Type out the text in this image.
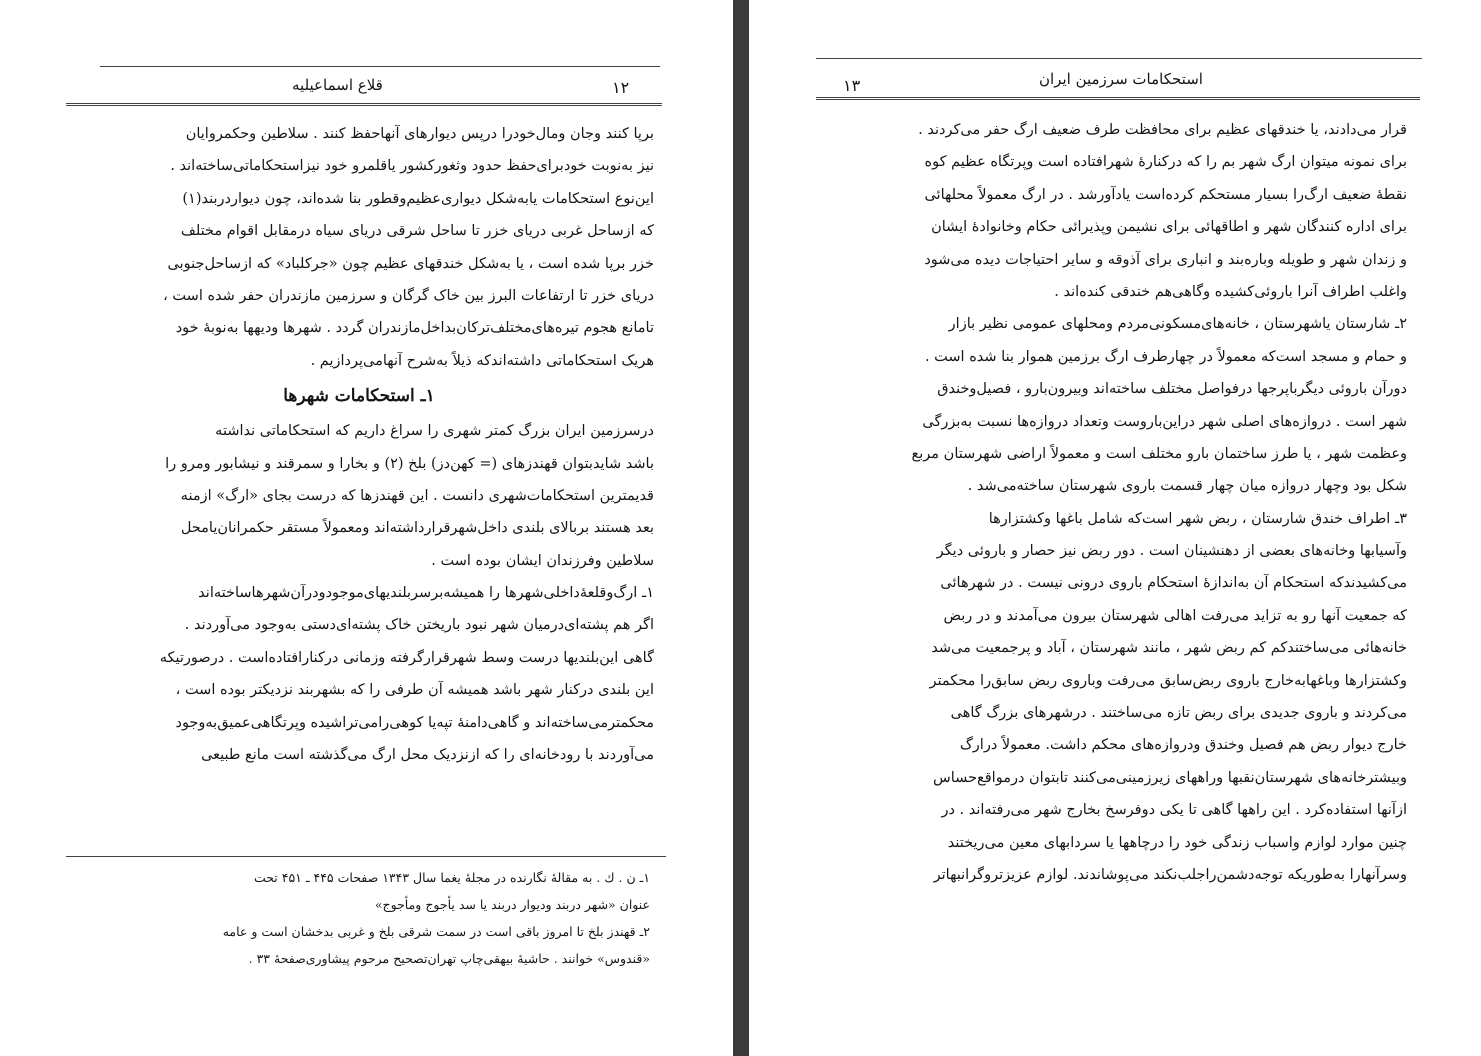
۱۲
قلاع اسماعیلیه
برپا کنند وجان ومال‌خودرا درپس دیوارهای آنهاحفظ کنند . سلاطین وحکمروایان
نیز به‌نوبت خودبرای‌حفظ حدود وثغورکشور یاقلمرو خود نیزاستحکاماتی‌ساخته‌اند .
این‌نوع استحکامات یابه‌شکل دیواری‌عظیم‌وقطور بنا شده‌اند، چون دیواردربند(۱)
که ازساحل غربی دریای خزر تا ساحل شرقی دریای سیاه درمقابل اقوام مختلف
خزر برپا شده است ، یا به‌شکل خندقهای عظیم چون «جرکلباد» که ازساحل‌جنوبی
دریای خزر تا ارتفاعات البرز بین خاک گرگان و سرزمین مازندران حفر شده است ،
تامانع هجوم تیره‌های‌مختلف‌ترکان‌بداخل‌مازندران گردد . شهرها ودیهها به‌نوبهٔ خود
هریک استحکاماتی داشته‌اندکه ذیلاً به‌شرح آنهامی‌پردازیم .
۱ـ استحکامات شهرها
درسرزمین ایران بزرگ کمتر شهری را سراغ داریم که استحکاماتی نداشته
باشد شایدبتوان قهندزهای (= کهن‌دز) بلخ (۲) و بخارا و سمرقند و نیشابور ومرو را
قدیمترین استحکامات‌شهری دانست . این قهندزها که درست بجای «ارگ» ازمنه
بعد هستند بربالای بلندی داخل‌شهرقرارداشته‌اند ومعمولاً مستقر حکمرانان‌یامحل
سلاطین وفرزندان ایشان بوده است .
۱ـ ارگ‌وقلعهٔ‌داخلی‌شهرها را همیشه‌برسربلندیهای‌موجودودرآن‌شهرهاساخته‌اند
اگر هم پشته‌ای‌درمیان شهر نبود باریختن خاک پشته‌ای‌دستی به‌وجود می‌آوردند .
گاهی این‌بلندیها درست وسط شهرقرارگرفته وزمانی درکنارافتاده‌است . درصورتیکه
این بلندی درکنار شهر باشد همیشه آن طرفی را که بشهربند نزدیکتر بوده است ،
محکمترمی‌ساخته‌اند و گاهی‌دامنهٔ تپه‌یا کوهی‌رامی‌تراشیده وپرتگاهی‌عمیق‌به‌وجود
می‌آوردند با رودخانه‌ای را که ازنزدیک‌ محل ارگ می‌گذشته است مانع طبیعی
۱ـ ن . ك . به مقالهٔ نگارنده در مجلهٔ یغما سال ۱۳۴۳ صفحات ۴۴۵ ـ ۴۵۱ تحت
عنوان «شهر دربند ودیوار دربند یا سد یأجوج ومأجوج»
۲ـ قهندز بلخ تا امروز باقی است در سمت شرقی بلخ و غربی بدخشان است و عامه
«قندوس» خوانند . حاشیهٔ بیهقی‌چاپ تهران‌تصحیح مرحوم پیشاوری‌صفحهٔ ۳۳ .
۱۳	استحکامات سرزمین ایران
قرار می‌دادند، یا خندقهای عظیم برای محافظت طرف ضعیف ارگ حفر می‌کردند .
برای نمونه میتوان ارگ شهر بم را که درکنارهٔ شهرافتاده است وپرتگاه عظیم کوه
نقطهٔ ضعیف ارگ‌را بسیار مستحکم کرده‌است یادآورشد . در ارگ معمولاً محلهائی
برای اداره کنندگان شهر و اطاقهائی برای نشیمن وپذیرائی حکام وخانوادهٔ ایشان
و زندان شهر و طویله وباره‌بند و انباری برای آذوقه و سایر احتیاجات دیده می‌شود
واغلب اطراف آنرا باروئی‌کشیده وگاهی‌هم خندقی کنده‌اند .
۲ـ شارستان یاشهرستان ، خانه‌های‌مسکونی‌مردم ومحلهای عمومی نظیر بازار
و حمام و مسجد است‌که معمولاً در چهارطرف ارگ برزمین هموار بنا شده است .
دورآن باروئی دیگرباپرجها درفواصل مختلف ساخته‌اند وبیرون‌بارو ، فصیل‌وخندق
شهر است . دروازه‌های اصلی شهر دراین‌باروست وتعداد دروازه‌ها نسبت به‌بزرگی
وعظمت شهر ، یا طرز ساختمان بارو مختلف است و معمولاً اراضی شهرستان مربع
شکل بود وچهار دروازه میان چهار قسمت باروی شهرستان ساخته‌می‌شد .
۳ـ اطراف خندق شارستان ، ربض شهر است‌که شامل باغها وکشتزارها
وآسیابها وخانه‌های بعضی از دهنشینان است . دور ربض نیز حصار و باروئی دیگر
می‌کشیدندکه استحکام آن به‌اندازهٔ استحکام باروی درونی نیست . در شهرهائی
که جمعیت آنها رو به تزاید می‌رفت اهالی شهرستان بیرون می‌آمدند و در ربض
خانه‌هائی می‌ساختندکم کم ربض شهر ، مانند شهرستان ، آباد و پرجمعیت می‌شد
وکشتزارها وباغهابه‌خارج باروی ربض‌سابق می‌رفت وباروی ربض سابق‌را محکمتر
می‌کردند و باروی جدیدی برای ربض تازه می‌ساختند . درشهرهای بزرگ گاهی
خارج دیوار ربض هم فصیل وخندق ودروازه‌های محکم داشت. معمولاً درارگ
وبیشترخانه‌های شهرستان‌نقبها وراههای زیرزمینی‌می‌کنند تابتوان درمواقع‌حساس
ازآنها استفاده‌کرد . این راهها گاهی تا یکی دوفرسخ بخارج شهر می‌رفته‌اند . در
چنین موارد لوازم واسباب زندگی خود را درچاهها یا سردابهای معین می‌ریختند
وسرآنهارا به‌طوریکه توجه‌دشمن‌راجلب‌نکند می‌پوشاندند. لوازم عزیزتروگرانبهاتر
